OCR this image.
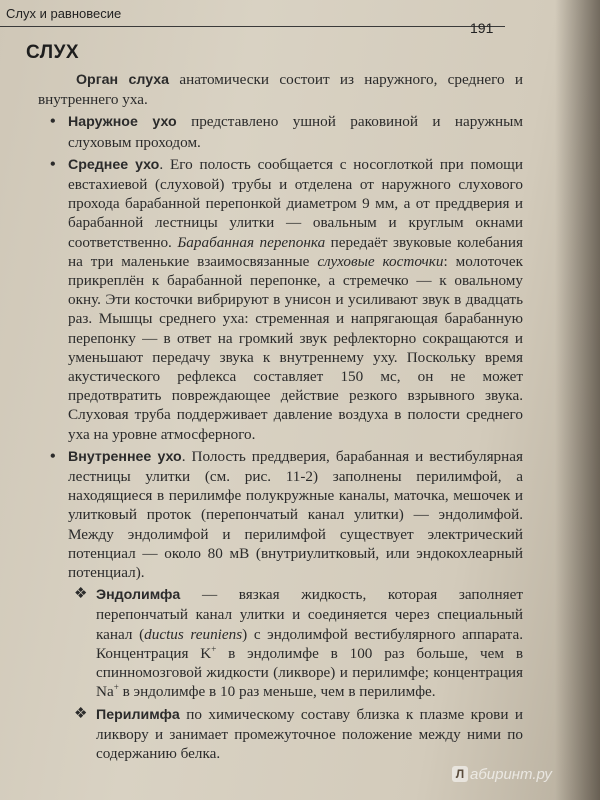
Слух и равновесие
191
СЛУХ

Орган слуха анатомически состоит из наружного, среднего и внутреннего уха.

• Наружное ухо представлено ушной раковиной и наружным слуховым проходом.

• Среднее ухо. Его полость сообщается с носоглоткой при помощи евстахиевой (слуховой) трубы и отделена от наружного слухового прохода барабанной перепонкой диаметром 9 мм, а от преддверия и барабанной лестницы улитки — овальным и круглым окнами соответственно. Барабанная перепонка передаёт звуковые колебания на три маленькие взаимосвязанные слуховые косточки: молоточек прикреплён к барабанной перепонке, а стремечко — к овальному окну. Эти косточки вибрируют в унисон и усиливают звук в двадцать раз. Мышцы среднего уха: стременная и напрягающая барабанную перепонку — в ответ на громкий звук рефлекторно сокращаются и уменьшают передачу звука к внутреннему уху. Поскольку время акустического рефлекса составляет 150 мс, он не может предотвратить повреждающее действие резкого взрывного звука. Слуховая труба поддерживает давление воздуха в полости среднего уха на уровне атмосферного.

• Внутреннее ухо. Полость преддверия, барабанная и вестибулярная лестницы улитки (см. рис. 11-2) заполнены перилимфой, а находящиеся в перилимфе полукружные каналы, маточка, мешочек и улитковый проток (перепончатый канал улитки) — эндолимфой. Между эндолимфой и перилимфой существует электрический потенциал — около 80 мВ (внутриулитковый, или эндокохлеарный потенциал).

❖ Эндолимфа — вязкая жидкость, которая заполняет перепончатый канал улитки и соединяется через специальный канал (ductus reuniens) с эндолимфой вестибулярного аппарата. Концентрация K+ в эндолимфе в 100 раз больше, чем в спинномозговой жидкости (ликворе) и перилимфе; концентрация Na+ в эндолимфе в 10 раз меньше, чем в перилимфе.

❖ Перилимфа по химическому составу близка к плазме крови и ликвору и занимает промежуточное положение между ними по содержанию белка.

Л абиринт.ру
